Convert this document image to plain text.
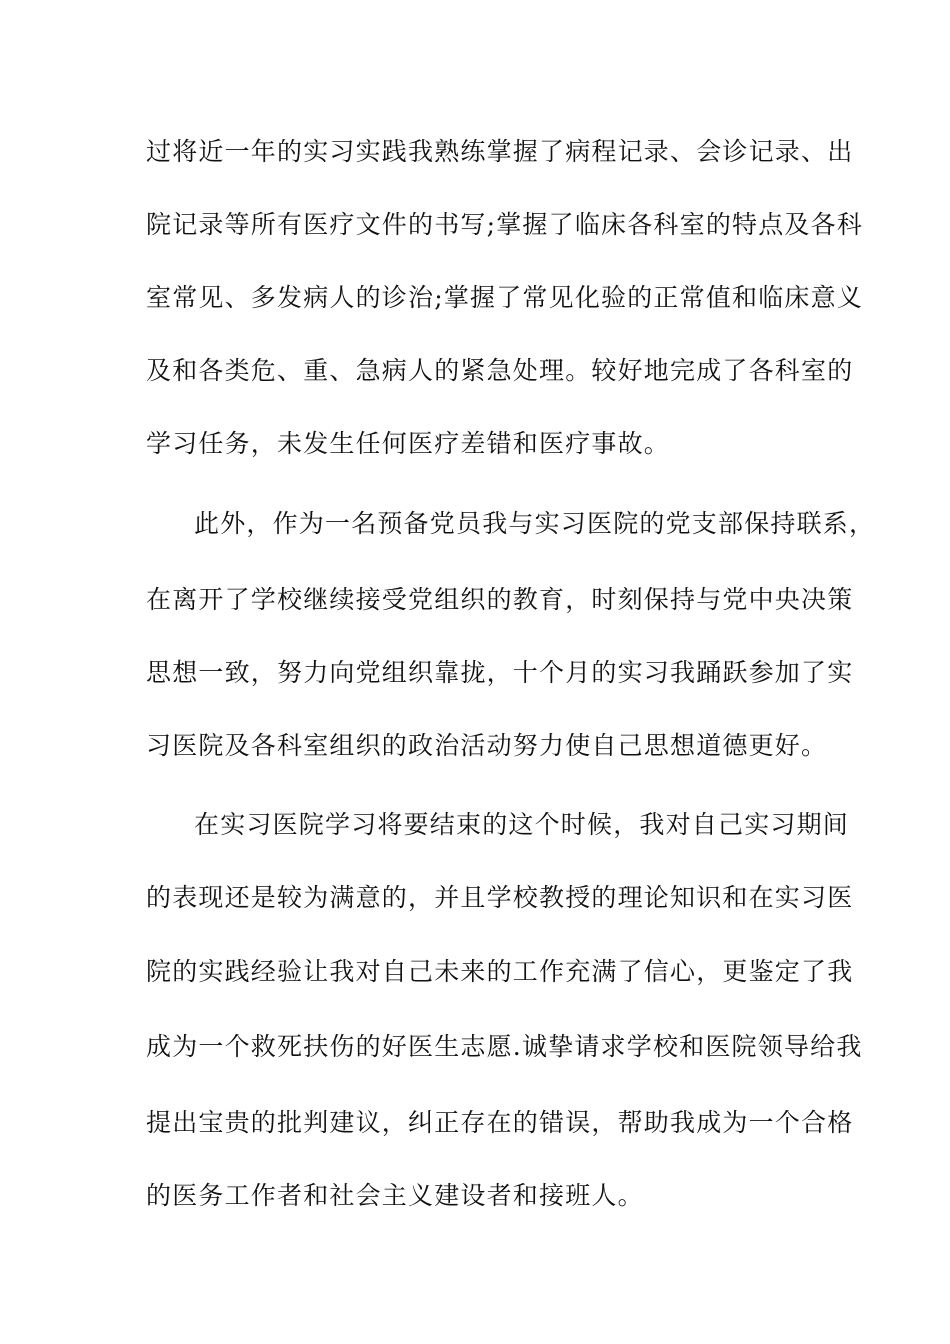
过将近一年的实习实践我熟练掌握了病程记录、会诊记录、出
院记录等所有医疗文件的书写;掌握了临床各科室的特点及各科
室常见、多发病人的诊治;掌握了常见化验的正常值和临床意义
及和各类危、重、急病人的紧急处理。较好地完成了各科室的
学习任务，未发生任何医疗差错和医疗事故。
此外，作为一名预备党员我与实习医院的党支部保持联系，
在离开了学校继续接受党组织的教育，时刻保持与党中央决策
思想一致，努力向党组织靠拢，十个月的实习我踊跃参加了实
习医院及各科室组织的政治活动努力使自己思想道德更好。
在实习医院学习将要结束的这个时候，我对自己实习期间
的表现还是较为满意的，并且学校教授的理论知识和在实习医
院的实践经验让我对自己未来的工作充满了信心，更鉴定了我
成为一个救死扶伤的好医生志愿.诚挚请求学校和医院领导给我
提出宝贵的批判建议，纠正存在的错误，帮助我成为一个合格
的医务工作者和社会主义建设者和接班人。
